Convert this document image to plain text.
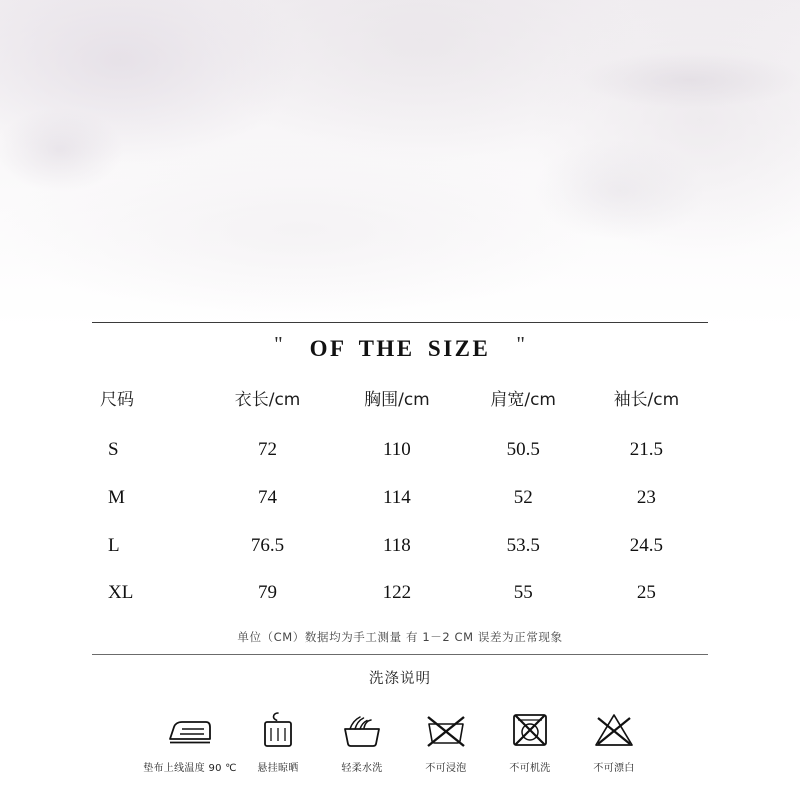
"	OF THE SIZE	"
尺码	衣长/cm	胸围/cm	肩宽/cm	袖长/cm
S	72	110	50.5	21.5
M	74	114	52	23
L	76.5	118	53.5	24.5
XL	79	122	55	25
单位（CM）数据均为手工测量 有 1－2 CM 误差为正常现象
洗涤说明
垫布上线温度 90 ℃ 悬挂晾晒	轻柔水洗	不可浸泡	不可机洗	不可漂白
